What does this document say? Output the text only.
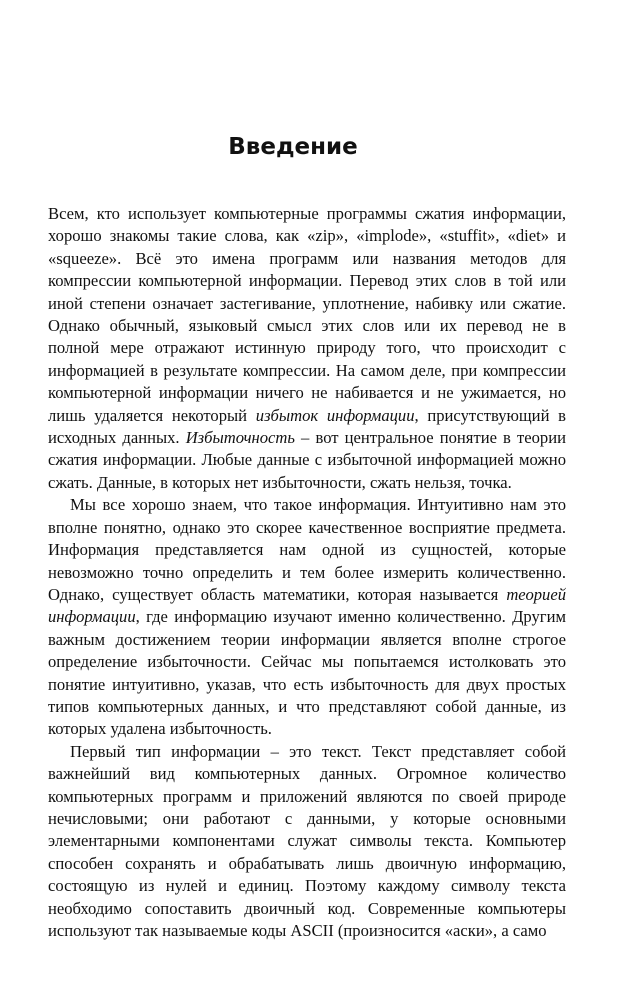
Введение

Всем, кто использует компьютерные программы сжатия информации, хорошо знакомы такие слова, как «zip», «implode», «stuffit», «diet» и «squeeze». Всё это имена программ или названия методов для компрессии компьютерной информации. Перевод этих слов в той или иной степени означает застегивание, уплотнение, набивку или сжатие. Однако обычный, языковый смысл этих слов или их перевод не в полной мере отражают истинную природу того, что происходит с информацией в результате компрессии. На самом деле, при компрессии компьютерной информации ничего не набивается и не ужимается, но лишь удаляется некоторый избыток информации, присутствующий в исходных данных. Избыточность – вот центральное понятие в теории сжатия информации. Любые данные с избыточной информацией можно сжать. Данные, в которых нет избыточности, сжать нельзя, точка.

Мы все хорошо знаем, что такое информация. Интуитивно нам это вполне понятно, однако это скорее качественное восприятие предмета. Информация представляется нам одной из сущностей, которые невозможно точно определить и тем более измерить количественно. Однако, существует область математики, которая называется теорией информации, где информацию изучают именно количественно. Другим важным достижением теории информации является вполне строгое определение избыточности. Сейчас мы попытаемся истолковать это понятие интуитивно, указав, что есть избыточность для двух простых типов компьютерных данных, и что представляют собой данные, из которых удалена избыточность.

Первый тип информации – это текст. Текст представляет собой важнейший вид компьютерных данных. Огромное количество компьютерных программ и приложений являются по своей природе нечисловыми; они работают с данными, у которые основными элементарными компонентами служат символы текста. Компьютер способен сохранять и обрабатывать лишь двоичную информацию, состоящую из нулей и единиц. Поэтому каждому символу текста необходимо сопоставить двоичный код. Современные компьютеры используют так называемые коды ASCII (произносится «аски», а само
